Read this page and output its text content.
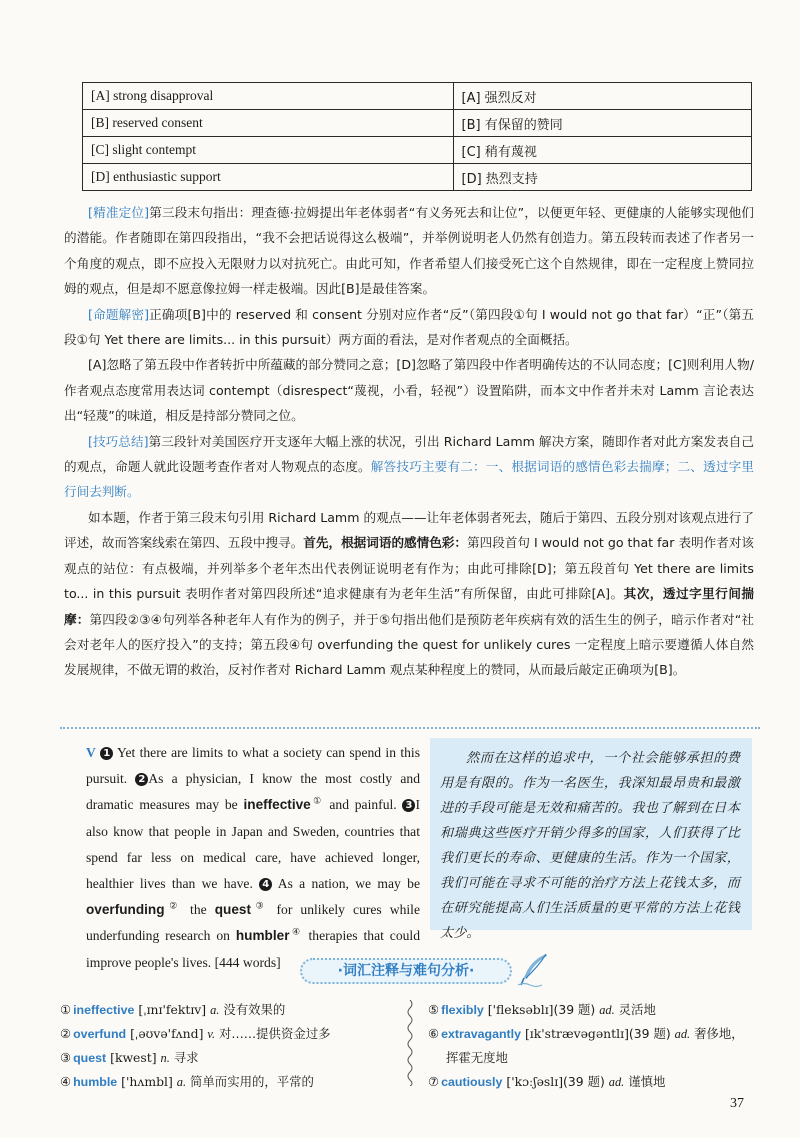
[A] strong disapproval	[A] 强烈反对
[B] reserved consent	[B] 有保留的赞同
[C] slight contempt	[C] 稍有蔑视
[D] enthusiastic support	[D] 热烈支持

[精准定位]第三段末句指出：理查德·拉姆提出年老体弱者“有义务死去和让位”，以便更年轻、更健康的人能够实现他们的潜能。作者随即在第四段指出，“我不会把话说得这么极端”，并举例说明老人仍然有创造力。第五段转而表述了作者另一个角度的观点，即不应投入无限财力以对抗死亡。由此可知，作者希望人们接受死亡这个自然规律，即在一定程度上赞同拉姆的观点，但是却不愿意像拉姆一样走极端。因此[B]是最佳答案。

[命题解密]正确项[B]中的 reserved 和 consent 分别对应作者“反”（第四段①句 I would not go that far）“正”（第五段①句 Yet there are limits... in this pursuit）两方面的看法，是对作者观点的全面概括。

[A]忽略了第五段中作者转折中所蕴藏的部分赞同之意；[D]忽略了第四段中作者明确传达的不认同态度；[C]则利用人物/作者观点态度常用表达词 contempt（disrespect“蔑视，小看，轻视”）设置陷阱，而本文中作者并未对 Lamm 言论表达出“轻蔑”的味道，相反是持部分赞同之位。

[技巧总结]第三段针对美国医疗开支逐年大幅上涨的状况，引出 Richard Lamm 解决方案，随即作者对此方案发表自己的观点，命题人就此设题考查作者对人物观点的态度。解答技巧主要有二：一、根据词语的感情色彩去揣摩；二、透过字里行间去判断。

如本题，作者于第三段末句引用 Richard Lamm 的观点——让年老体弱者死去，随后于第四、五段分别对该观点进行了评述，故而答案线索在第四、五段中搜寻。首先，根据词语的感情色彩：第四段首句 I would not go that far 表明作者对该观点的站位：有点极端，并列举多个老年杰出代表例证说明老有作为；由此可排除[D]；第五段首句 Yet there are limits to... in this pursuit 表明作者对第四段所述“追求健康有为老年生活”有所保留，由此可排除[A]。其次，透过字里行间揣摩：第四段②③④句列举各种老年人有作为的例子，并于⑤句指出他们是预防老年疾病有效的活生生的例子，暗示作者对“社会对老年人的医疗投入”的支持；第五段④句 overfunding the quest for unlikely cures 一定程度上暗示要遵循人体自然发展规律，不做无谓的救治，反衬作者对 Richard Lamm 观点某种程度上的赞同，从而最后敲定正确项为[B]。

V 1 Yet there are limits to what a society can spend in this pursuit. 2 As a physician, I know the most costly and dramatic measures may be ineffective① and painful. 3 I also know that people in Japan and Sweden, countries that spend far less on medical care, have achieved longer, healthier lives than we have. 4 As a nation, we may be overfunding② the quest③ for unlikely cures while underfunding research on humbler④ therapies that could improve people's lives. [444 words]

然而在这样的追求中，一个社会能够承担的费用是有限的。作为一名医生，我深知最昂贵和最激进的手段可能是无效和痛苦的。我也了解到在日本和瑞典这些医疗开销少得多的国家，人们获得了比我们更长的寿命、更健康的生活。作为一个国家，我们可能在寻求不可能的治疗方法上花钱太多，而在研究能提高人们生活质量的更平常的方法上花钱太少。

·词汇注释与难句分析·
① ineffective [ˌɪnɪ'fektɪv] a. 没有效果的
② overfund [ˌəʊvə'fʌnd] v. 对……提供资金过多
③ quest [kwest] n. 寻求
④ humble ['hʌmbl] a. 简单而实用的，平常的
⑤ flexibly ['fleksəblɪ](39 题) ad. 灵活地
⑥ extravagantly [ɪk'strævəgəntlɪ](39 题) ad. 奢侈地，
挥霍无度地
⑦ cautiously ['kɔːʃəslɪ](39 题) ad. 谨慎地
37
